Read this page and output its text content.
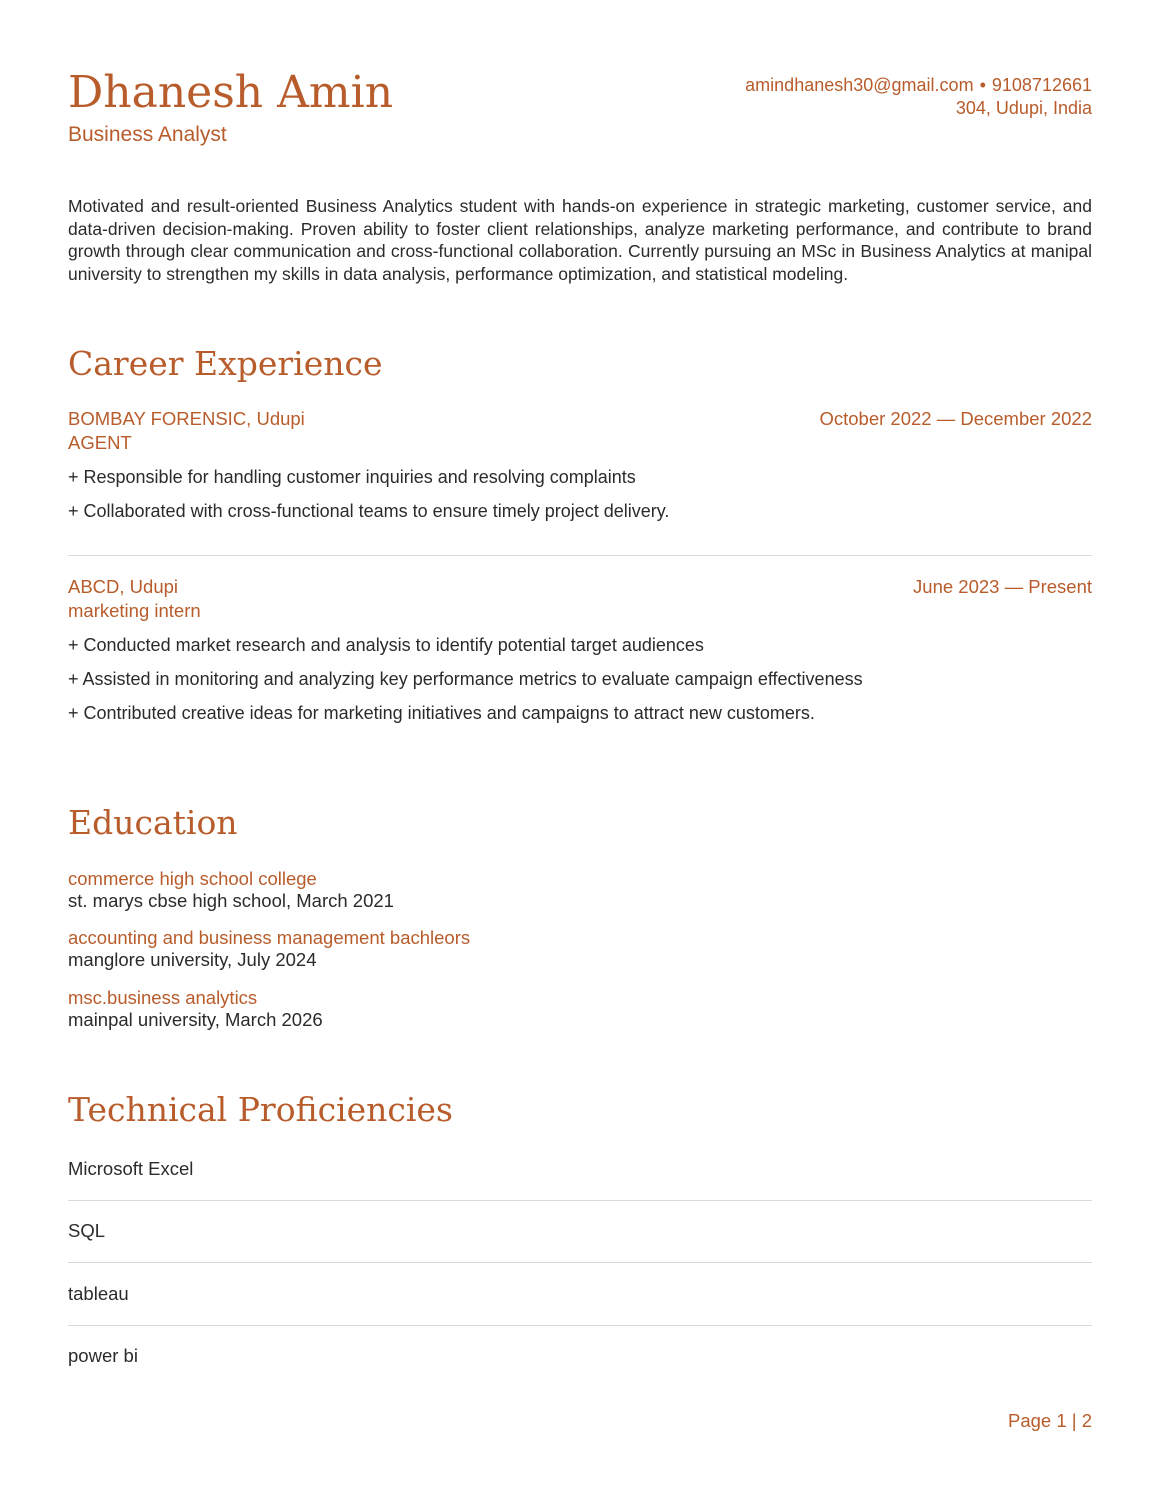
Dhanesh Amin
Business Analyst
amindhanesh30@gmail.com • 9108712661
304, Udupi, India

Motivated and result-oriented Business Analytics student with hands-on experience in strategic marketing, customer service, and data-driven decision-making. Proven ability to foster client relationships, analyze marketing performance, and contribute to brand growth through clear communication and cross-functional collaboration. Currently pursuing an MSc in Business Analytics at manipal university to strengthen my skills in data analysis, performance optimization, and statistical modeling.

Career Experience
BOMBAY FORENSIC, Udupi	October 2022 — December 2022
AGENT
+ Responsible for handling customer inquiries and resolving complaints
+ Collaborated with cross-functional teams to ensure timely project delivery.
ABCD, Udupi	June 2023 — Present
marketing intern
+ Conducted market research and analysis to identify potential target audiences
+ Assisted in monitoring and analyzing key performance metrics to evaluate campaign effectiveness
+ Contributed creative ideas for marketing initiatives and campaigns to attract new customers.
Education
commerce high school college
st. marys cbse high school, March 2021
accounting and business management bachleors
manglore university, July 2024
msc.business analytics
mainpal university, March 2026
Technical Proficiencies
Microsoft Excel
SQL
tableau
power bi
Page 1 | 2
